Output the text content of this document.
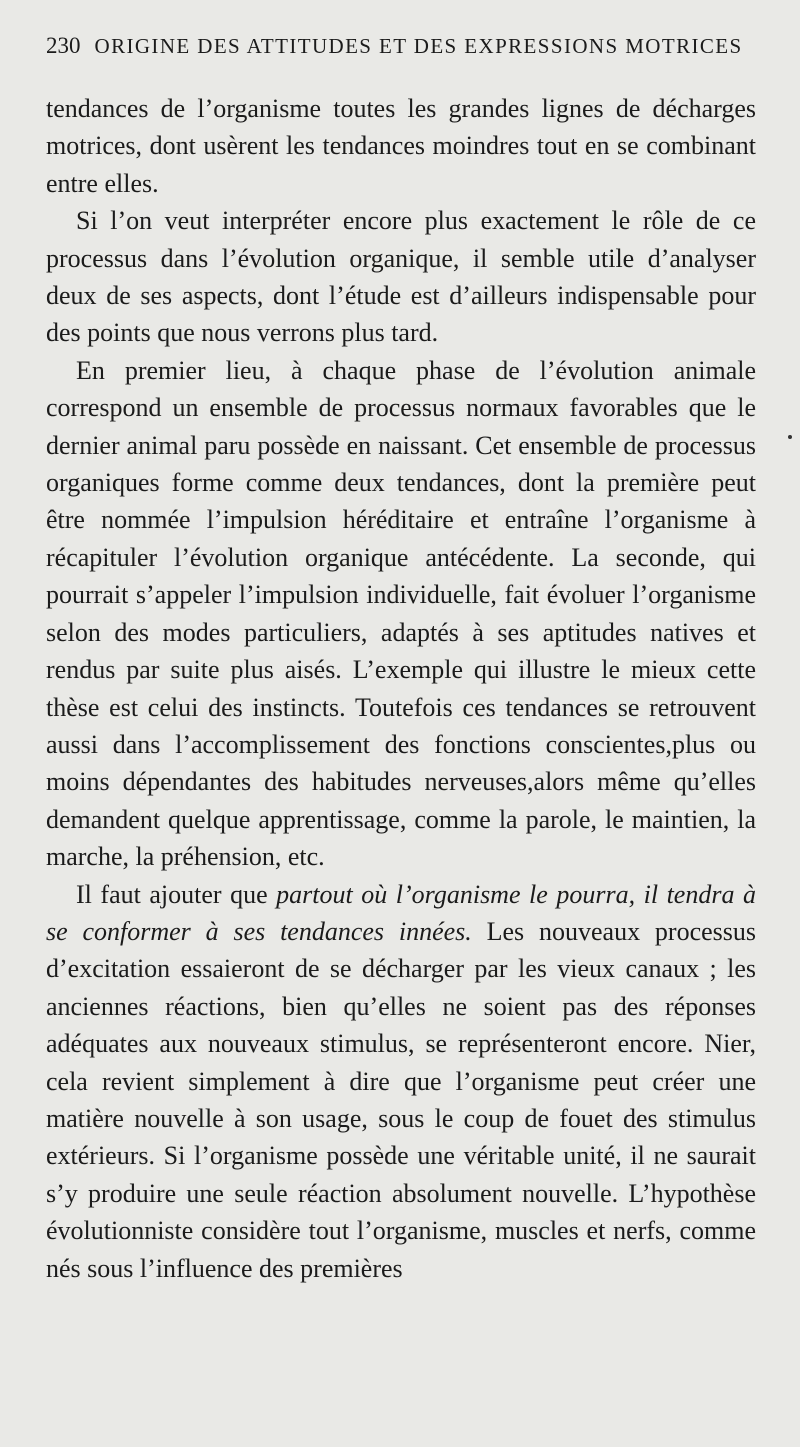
230 ORIGINE DES ATTITUDES ET DES EXPRESSIONS MOTRICES

tendances de l’organisme toutes les grandes lignes de décharges motrices, dont usèrent les tendances moindres tout en se combinant entre elles.

Si l’on veut interpréter encore plus exactement le rôle de ce processus dans l’évolution organique, il semble utile d’analyser deux de ses aspects, dont l’étude est d’ailleurs indispensable pour des points que nous verrons plus tard.

En premier lieu, à chaque phase de l’évolution animale correspond un ensemble de processus normaux favorables que le dernier animal paru possède en naissant. Cet ensemble de processus organiques forme comme deux tendances, dont la première peut être nommée l’impulsion héréditaire et entraîne l’organisme à récapituler l’évolution organique antécédente. La seconde, qui pourrait s’appeler l’impulsion individuelle, fait évoluer l’organisme selon des modes particuliers, adaptés à ses aptitudes natives et rendus par suite plus aisés. L’exemple qui illustre le mieux cette thèse est celui des instincts. Toutefois ces tendances se retrouvent aussi dans l’accomplissement des fonctions conscientes,plus ou moins dépendantes des habitudes nerveuses,alors même qu’elles demandent quelque apprentissage, comme la parole, le maintien, la marche, la préhension, etc.

Il faut ajouter que partout où l’organisme le pourra, il tendra à se conformer à ses tendances innées. Les nouveaux processus d’excitation essaieront de se décharger par les vieux canaux ; les anciennes réactions, bien qu’elles ne soient pas des réponses adéquates aux nouveaux stimulus, se représenteront encore. Nier, cela revient simplement à dire que l’organisme peut créer une matière nouvelle à son usage, sous le coup de fouet des stimulus extérieurs. Si l’organisme possède une véritable unité, il ne saurait s’y produire une seule réaction absolument nouvelle. L’hypothèse évolutionniste considère tout l’organisme, muscles et nerfs, comme nés sous l’influence des premières
